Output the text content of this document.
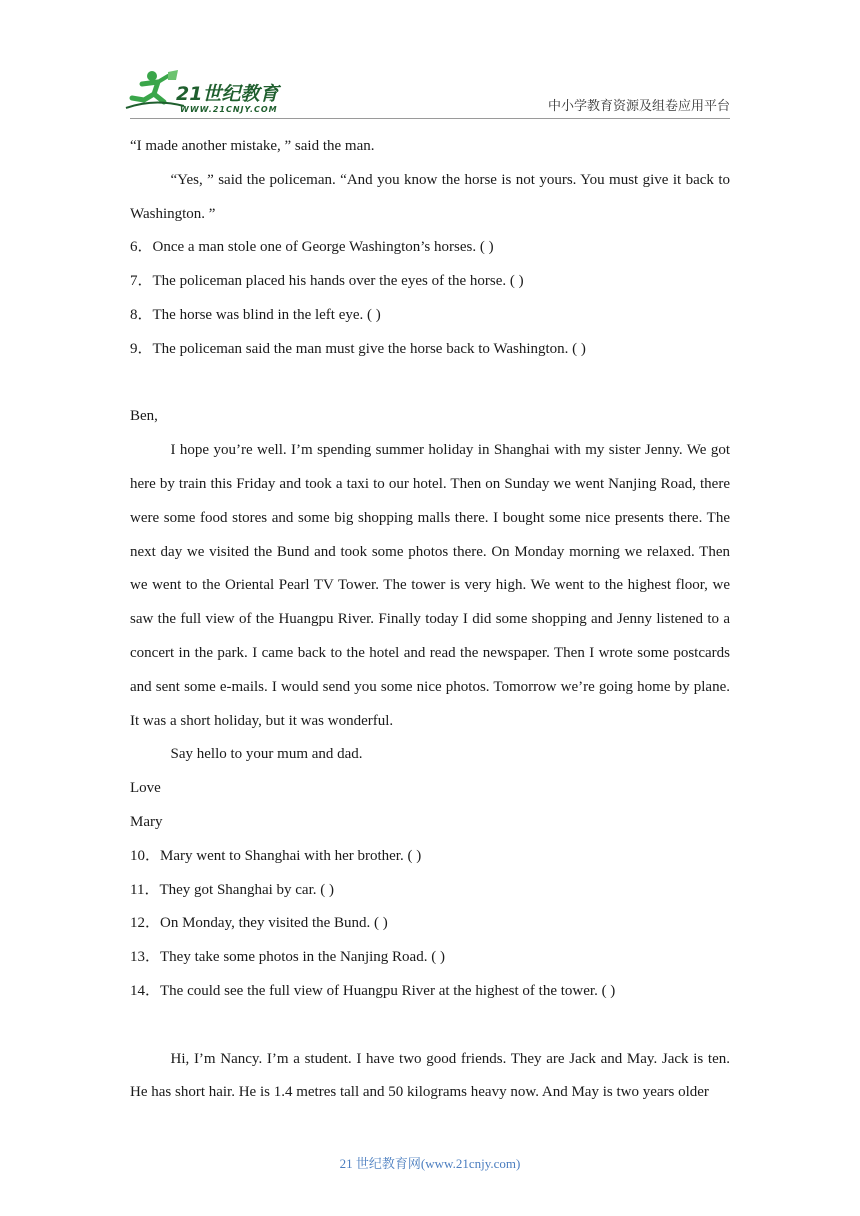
21世纪教育
WWW.21CNJY.COM	中小学教育资源及组卷应用平台

“I made another mistake, ” said the man.

“Yes, ” said the policeman. “And you know the horse is not yours. You must give it back to Washington. ”

6． Once a man stole one of George Washington’s horses. ( )
7． The policeman placed his hands over the eyes of the horse. ( )
8． The horse was blind in the left eye. ( )
9． The policeman said the man must give the horse back to Washington. ( )

Ben,

I hope you’re well. I’m spending summer holiday in Shanghai with my sister Jenny. We got here by train this Friday and took a taxi to our hotel. Then on Sunday we went Nanjing Road, there were some food stores and some big shopping malls there. I bought some nice presents there. The next day we visited the Bund and took some photos there. On Monday morning we relaxed. Then we went to the Oriental Pearl TV Tower. The tower is very high. We went to the highest floor, we saw the full view of the Huangpu River. Finally today I did some shopping and Jenny listened to a concert in the park. I came back to the hotel and read the newspaper. Then I wrote some postcards and sent some e-mails. I would send you some nice photos. Tomorrow we’re going home by plane. It was a short holiday, but it was wonderful.

Say hello to your mum and dad.

Love

Mary

10． Mary went to Shanghai with her brother. ( )
11． They got Shanghai by car. ( )
12． On Monday, they visited the Bund. ( )
13． They take some photos in the Nanjing Road. ( )
14． The could see the full view of Huangpu River at the highest of the tower. ( )

Hi, I’m Nancy. I’m a student. I have two good friends. They are Jack and May. Jack is ten. He has short hair. He is 1.4 metres tall and 50 kilograms heavy now. And May is two years older

21 世纪教育网(www.21cnjy.com)
